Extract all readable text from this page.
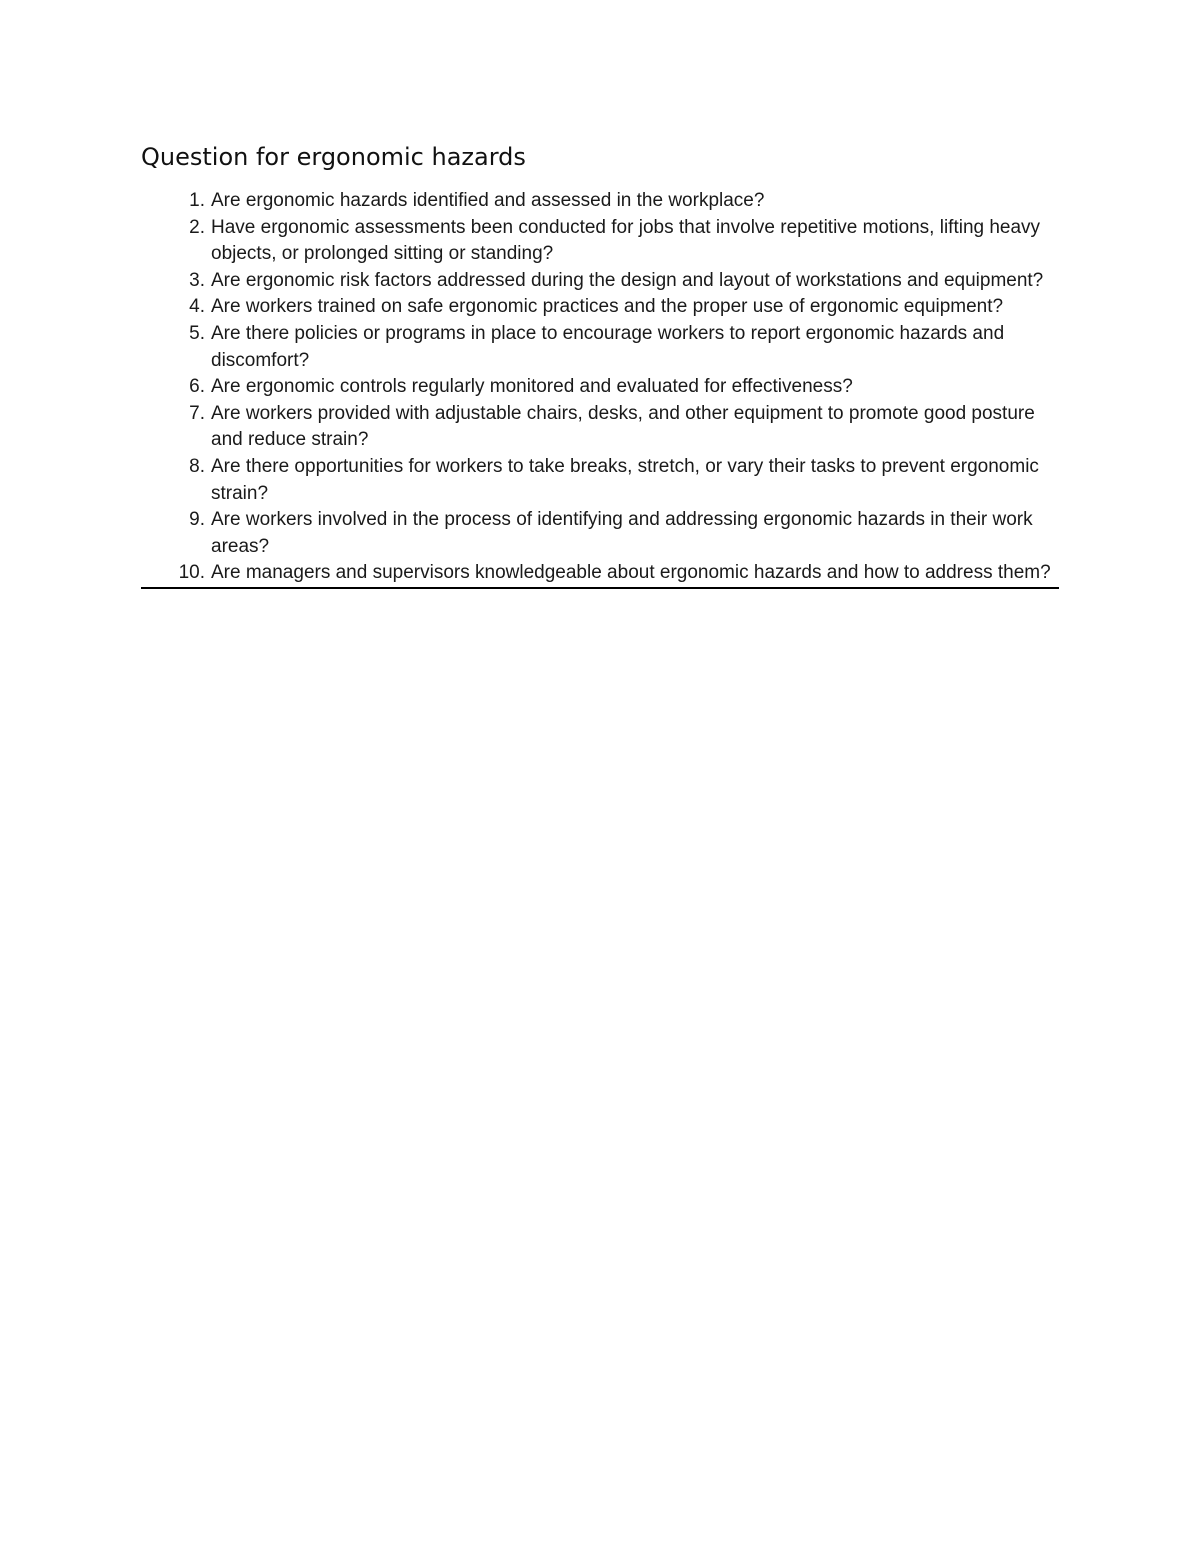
Question for ergonomic hazards
1. Are ergonomic hazards identified and assessed in the workplace?
2. Have ergonomic assessments been conducted for jobs that involve repetitive motions, lifting heavy objects, or prolonged sitting or standing?
3. Are ergonomic risk factors addressed during the design and layout of workstations and equipment?
4. Are workers trained on safe ergonomic practices and the proper use of ergonomic equipment?
5. Are there policies or programs in place to encourage workers to report ergonomic hazards and discomfort?
6. Are ergonomic controls regularly monitored and evaluated for effectiveness?
7. Are workers provided with adjustable chairs, desks, and other equipment to promote good posture and reduce strain?
8. Are there opportunities for workers to take breaks, stretch, or vary their tasks to prevent ergonomic strain?
9. Are workers involved in the process of identifying and addressing ergonomic hazards in their work areas?
10. Are managers and supervisors knowledgeable about ergonomic hazards and how to address them?
